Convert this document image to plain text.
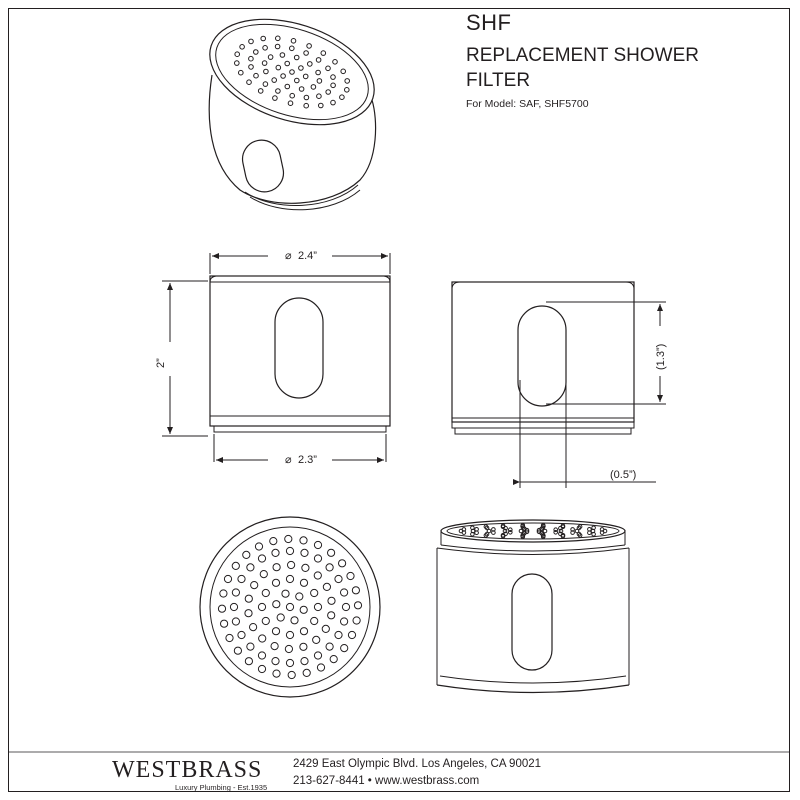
SHF
REPLACEMENT SHOWER
FILTER
For Model: SAF, SHF5700
⌀ 2.4”
⌀ 2.3”
2”	(1.3”)
(0.5”)
WESTBRASS
Luxury Plumbing - Est.1935
2429 East Olympic Blvd. Los Angeles, CA 90021
213-627-8441 • www.westbrass.com
